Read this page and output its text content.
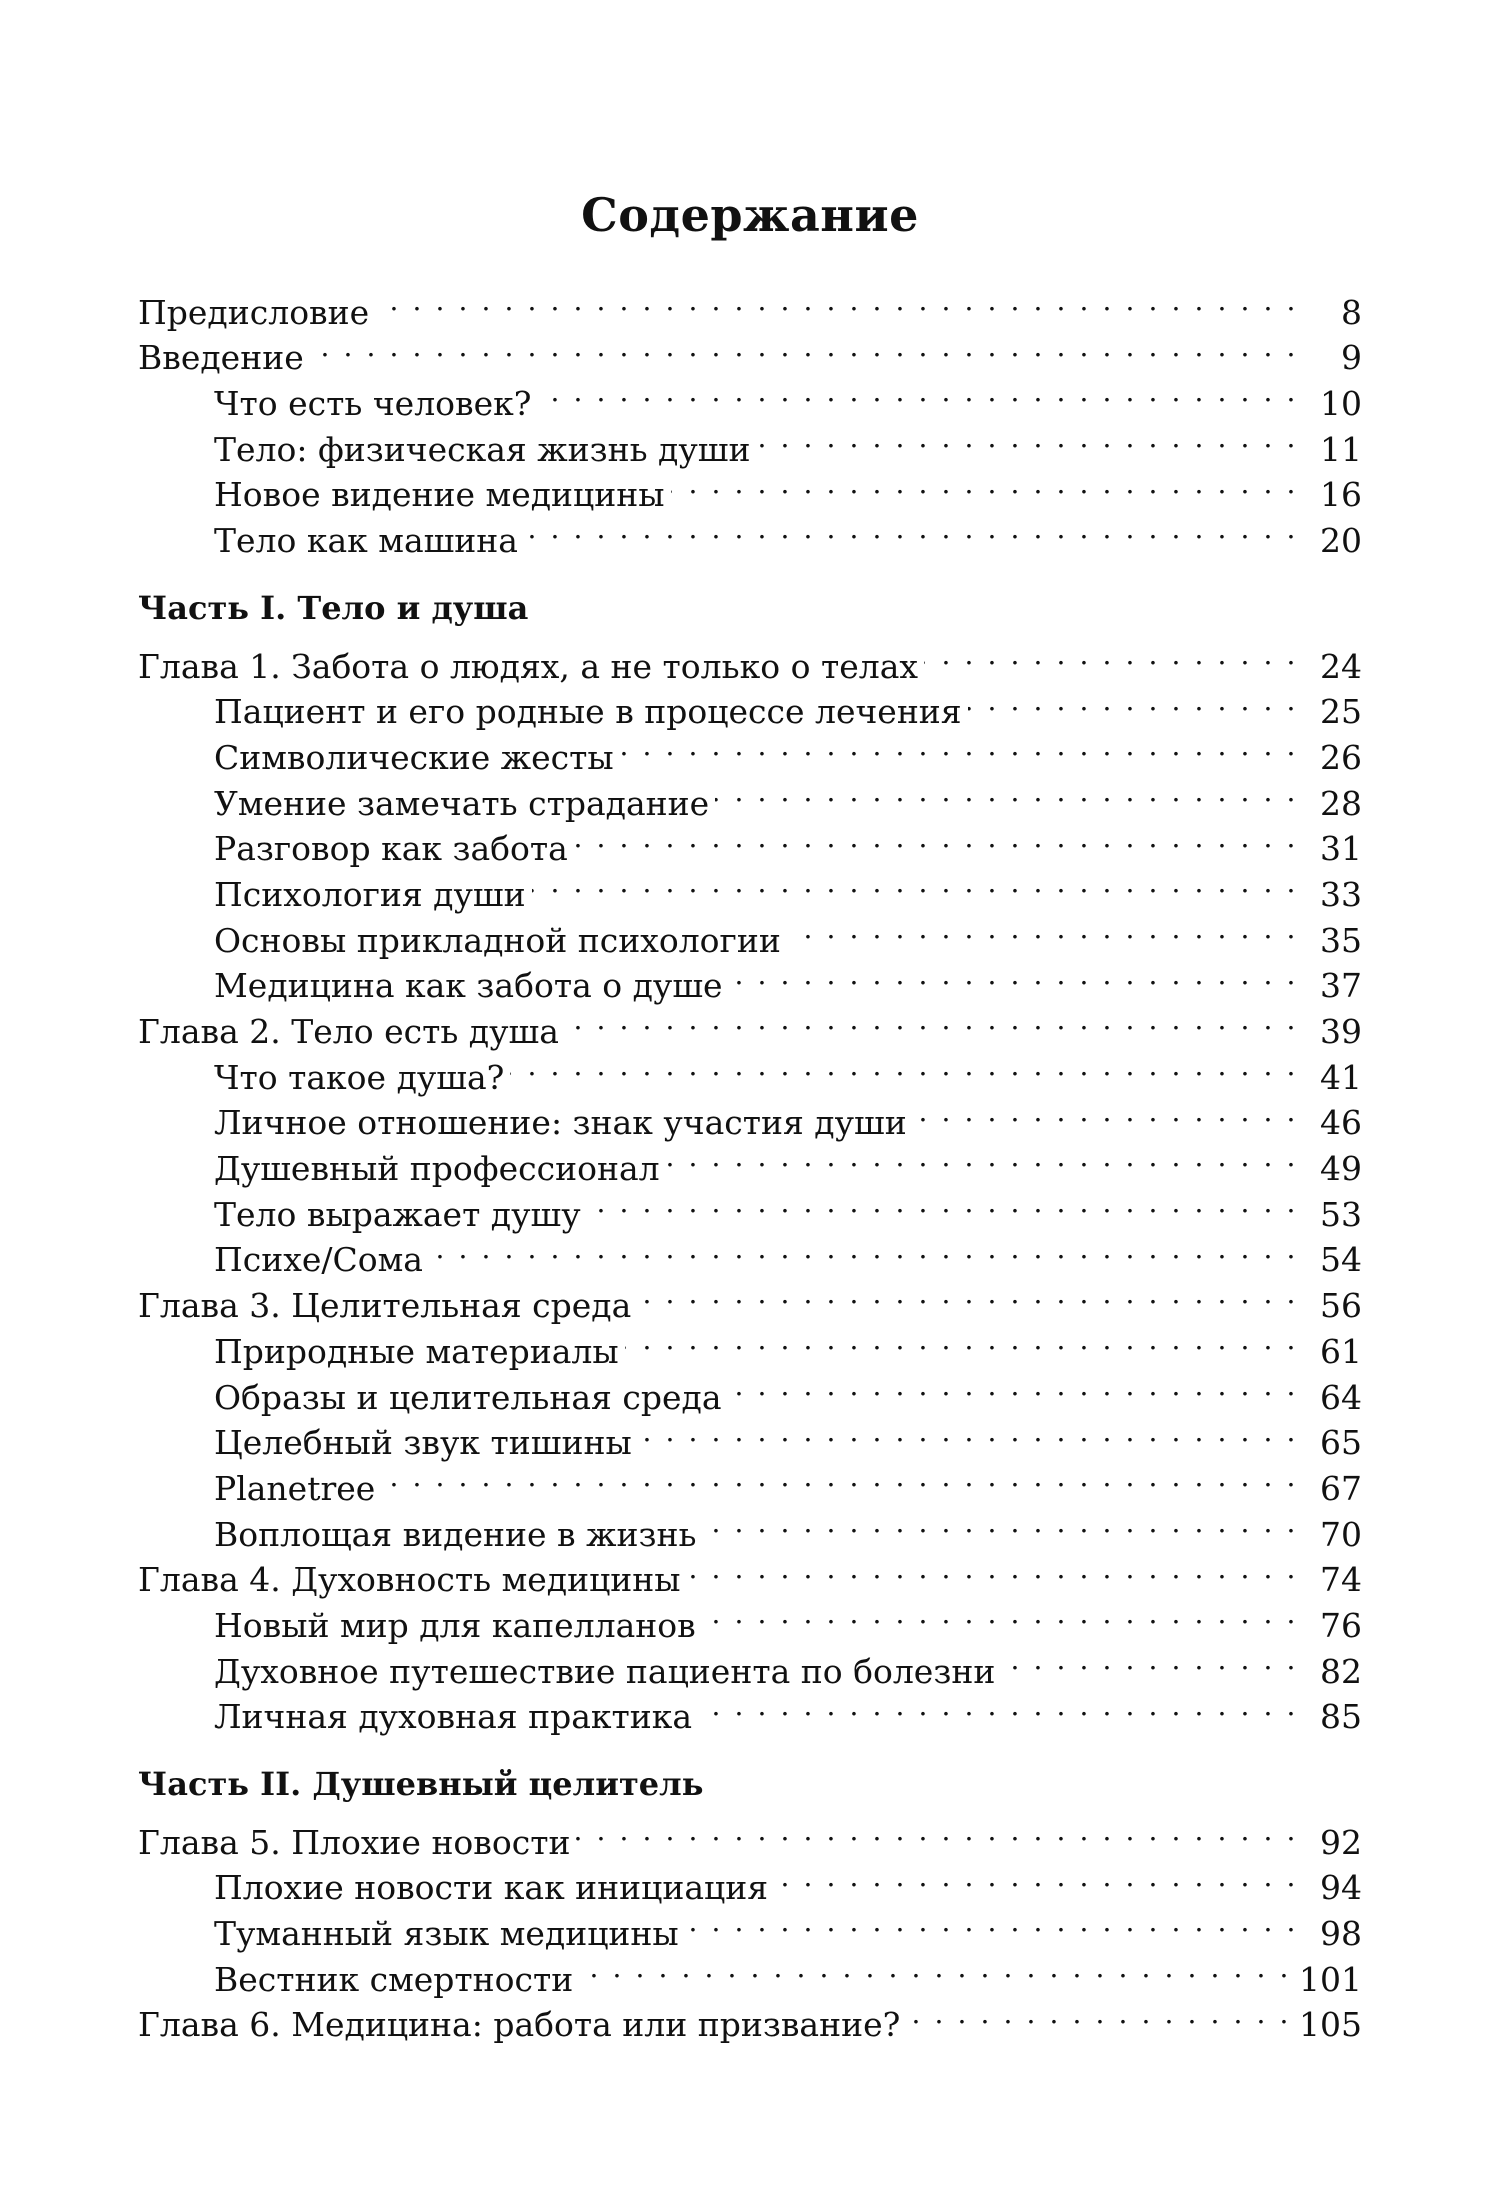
Содержание
Предисловие . . .	8
Введение . . .	9
Что есть человек? . . .	10
Тело: физическая жизнь души . . .	11
Новое видение медицины . . .	16
Тело как машина . . .	20
Часть I. Тело и душа
Глава 1. Забота о людях, а не только о телах . . .	24
Пациент и его родные в процессе лечения . . .	25
Символические жесты . . .	26
Умение замечать страдание . . .	28
Разговор как забота . . .	31
Психология души . . .	33
Основы прикладной психологии . . .	35
Медицина как забота о душе . . .	37
Глава 2. Тело есть душа . . .	39
Что такое душа? . . .	41
Личное отношение: знак участия души . . .	46
Душевный профессионал . . .	49
Тело выражает душу . . .	53
Психе/Сома . . .	54
Глава 3. Целительная среда . . .	56
Природные материалы . . .	61
Образы и целительная среда . . .	64
Целебный звук тишины . . .	65
Planetree . . .	67
Воплощая видение в жизнь . . .	70
Глава 4. Духовность медицины . . .	74
Новый мир для капелланов . . .	76
Духовное путешествие пациента по болезни . . .	82
Личная духовная практика . . .	85
Часть II. Душевный целитель
Глава 5. Плохие новости . . .	92
Плохие новости как инициация . . .	94
Туманный язык медицины . . .	98
Вестник смертности . . .	101
Глава 6. Медицина: работа или призвание? . . .	105
